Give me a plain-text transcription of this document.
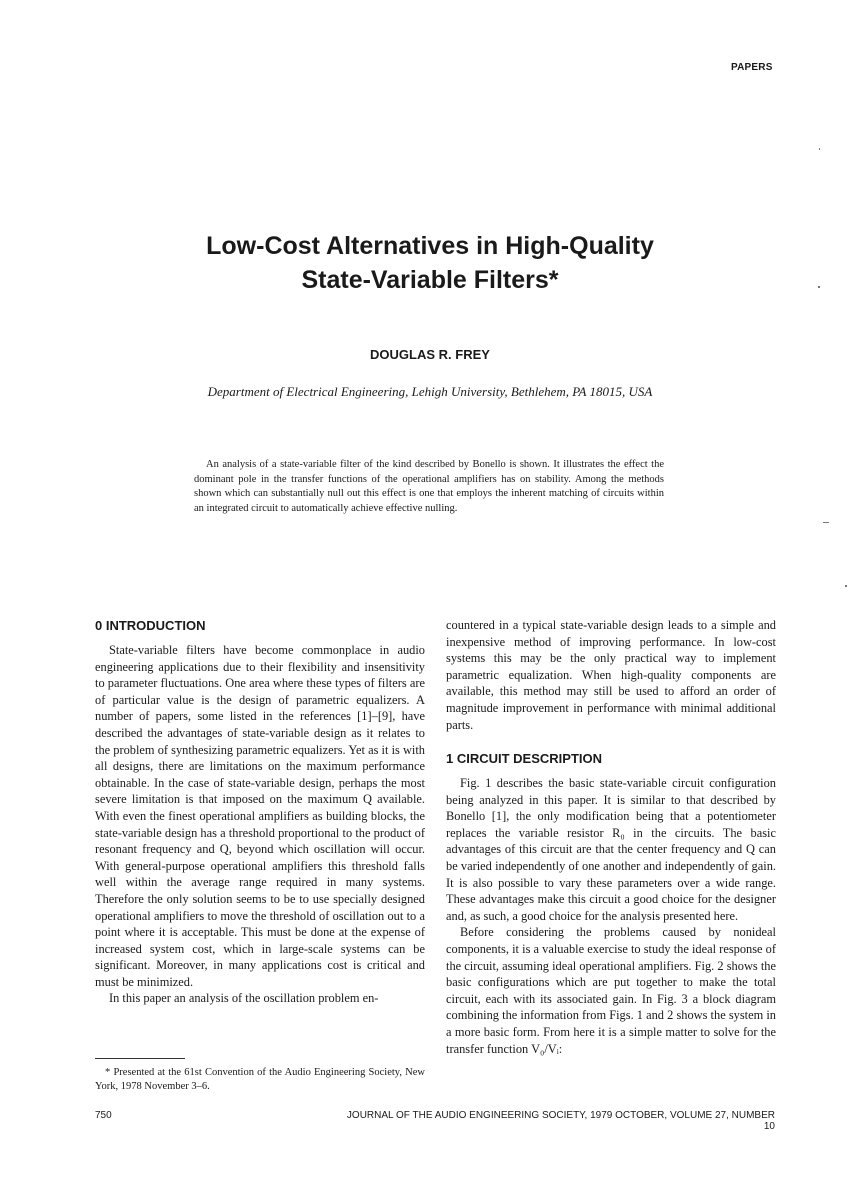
PAPERS
Low-Cost Alternatives in High-Quality
State-Variable Filters*
DOUGLAS R. FREY
Department of Electrical Engineering, Lehigh University, Bethlehem, PA 18015, USA
An analysis of a state-variable filter of the kind described by Bonello is shown. It illustrates the effect the dominant pole in the transfer functions of the operational amplifiers has on stability. Among the methods shown which can substantially null out this effect is one that employs the inherent matching of circuits within an integrated circuit to automatically achieve effective nulling.
0 INTRODUCTION

State-variable filters have become commonplace in audio engineering applications due to their flexibility and insensitivity to parameter fluctuations. One area where these types of filters are of particular value is the design of parametric equalizers. A number of papers, some listed in the references [1]–[9], have described the advantages of state-variable design as it relates to the problem of synthesizing parametric equalizers. Yet as it is with all designs, there are limitations on the maximum performance obtainable. In the case of state-variable design, perhaps the most severe limitation is that imposed on the maximum Q available. With even the finest operational amplifiers as building blocks, the state-variable design has a threshold proportional to the product of resonant frequency and Q, beyond which oscillation will occur. With general-purpose operational amplifiers this threshold falls well within the average range required in many systems. Therefore the only solution seems to be to use specially designed operational amplifiers to move the threshold of oscillation out to a point where it is acceptable. This must be done at the expense of increased system cost, which in large-scale systems can be significant. Moreover, in many applications cost is critical and must be minimized.

In this paper an analysis of the oscillation problem en-

countered in a typical state-variable design leads to a simple and inexpensive method of improving performance. In low-cost systems this may be the only practical way to implement parametric equalization. When high-quality components are available, this method may still be used to afford an order of magnitude improvement in performance with minimal additional parts.

1 CIRCUIT DESCRIPTION

Fig. 1 describes the basic state-variable circuit configuration being analyzed in this paper. It is similar to that described by Bonello [1], the only modification being that a potentiometer replaces the variable resistor R₀ in the circuits. The basic advantages of this circuit are that the center frequency and Q can be varied independently of one another and independently of gain. It is also possible to vary these parameters over a wide range. These advantages make this circuit a good choice for the designer and, as such, a good choice for the analysis presented here.

Before considering the problems caused by nonideal components, it is a valuable exercise to study the ideal response of the circuit, assuming ideal operational amplifiers. Fig. 2 shows the basic configurations which are put together to make the total circuit, each with its associated gain. In Fig. 3 a block diagram combining the information from Figs. 1 and 2 shows the system in a more basic form. From here it is a simple matter to solve for the transfer function V₀/Vᵢ:

* Presented at the 61st Convention of the Audio Engineering Society, New York, 1978 November 3–6.
750	JOURNAL OF THE AUDIO ENGINEERING SOCIETY, 1979 OCTOBER, VOLUME 27, NUMBER 10
